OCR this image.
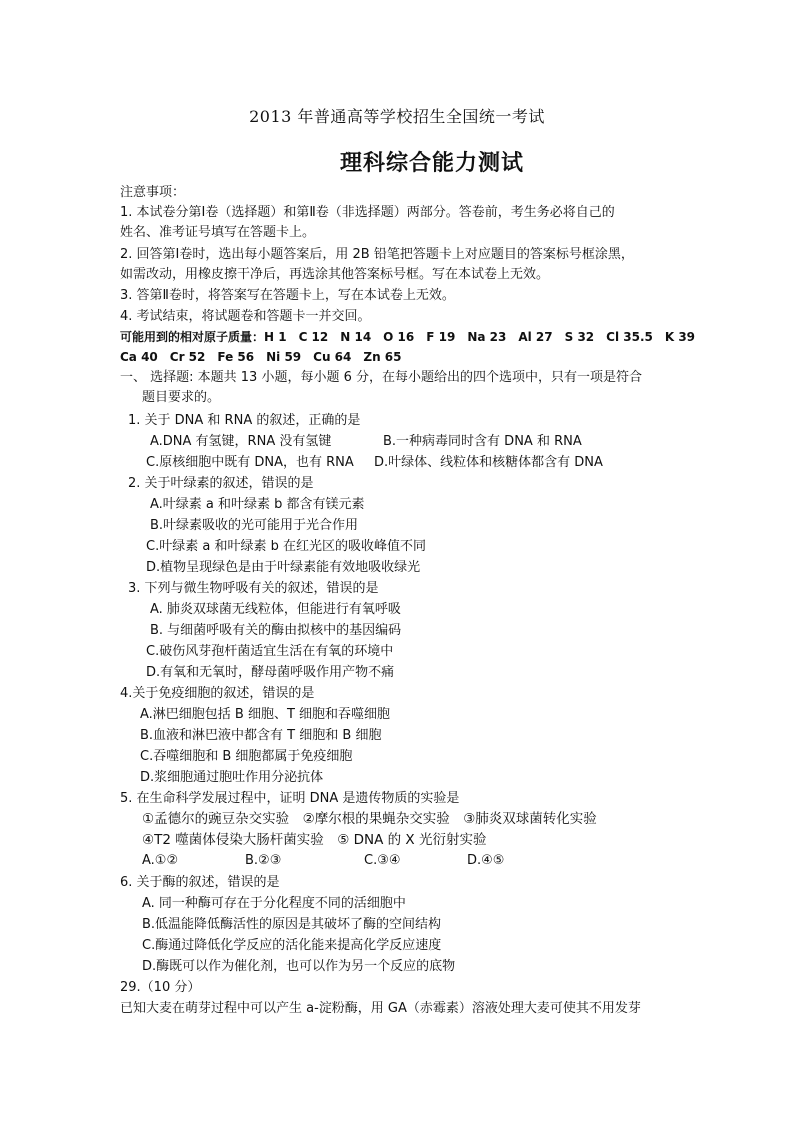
2013 年普通高等学校招生全国统一考试
理科综合能力测试
注意事项：
1. 本试卷分第Ⅰ卷（选择题）和第Ⅱ卷（非选择题）两部分。答卷前，考生务必将自己的
姓名、准考证号填写在答题卡上。
2. 回答第Ⅰ卷时，选出每小题答案后，用 2B 铅笔把答题卡上对应题目的答案标号框涂黑，
如需改动，用橡皮擦干净后，再选涂其他答案标号框。写在本试卷上无效。
3. 答第Ⅱ卷时，将答案写在答题卡上，写在本试卷上无效。
4. 考试结束，将试题卷和答题卡一并交回。
可能用到的相对原子质量：H 1　C 12　N 14　O 16　F 19　Na 23　Al 27　S 32　Cl 35.5　K 39
Ca 40　Cr 52　Fe 56　Ni 59　Cu 64　Zn 65
一、 选择题: 本题共 13 小题，每小题 6 分，在每小题给出的四个选项中，只有一项是符合
题目要求的。
1. 关于 DNA 和 RNA 的叙述，正确的是
A.DNA 有氢键，RNA 没有氢键	B.一种病毒同时含有 DNA 和 RNA
C.原核细胞中既有 DNA，也有 RNA D.叶绿体、线粒体和核糖体都含有 DNA
2. 关于叶绿素的叙述，错误的是
A.叶绿素 a 和叶绿素 b 都含有镁元素
B.叶绿素吸收的光可能用于光合作用
C.叶绿素 a 和叶绿素 b 在红光区的吸收峰值不同
D.植物呈现绿色是由于叶绿素能有效地吸收绿光
3. 下列与微生物呼吸有关的叙述，错误的是
A. 肺炎双球菌无线粒体，但能进行有氧呼吸
B. 与细菌呼吸有关的酶由拟核中的基因编码
C.破伤风芽孢杆菌适宜生活在有氧的环境中
D.有氧和无氧时，酵母菌呼吸作用产物不痛
4.关于免疫细胞的叙述，错误的是
A.淋巴细胞包括 B 细胞、T 细胞和吞噬细胞
B.血液和淋巴液中都含有 T 细胞和 B 细胞
C.吞噬细胞和 B 细胞都属于免疫细胞
D.浆细胞通过胞吐作用分泌抗体
5. 在生命科学发展过程中，证明 DNA 是遗传物质的实验是
①孟德尔的豌豆杂交实验　②摩尔根的果蝇杂交实验　③肺炎双球菌转化实验
④T2 噬菌体侵染大肠杆菌实验　⑤ DNA 的 X 光衍射实验
A.①②	B.②③	C.③④	D.④⑤
6. 关于酶的叙述，错误的是
A. 同一种酶可存在于分化程度不同的活细胞中
B.低温能降低酶活性的原因是其破坏了酶的空间结构
C.酶通过降低化学反应的活化能来提高化学反应速度
D.酶既可以作为催化剂，也可以作为另一个反应的底物
29.（10 分）
已知大麦在萌芽过程中可以产生 a-淀粉酶，用 GA（赤霉素）溶液处理大麦可使其不用发芽
